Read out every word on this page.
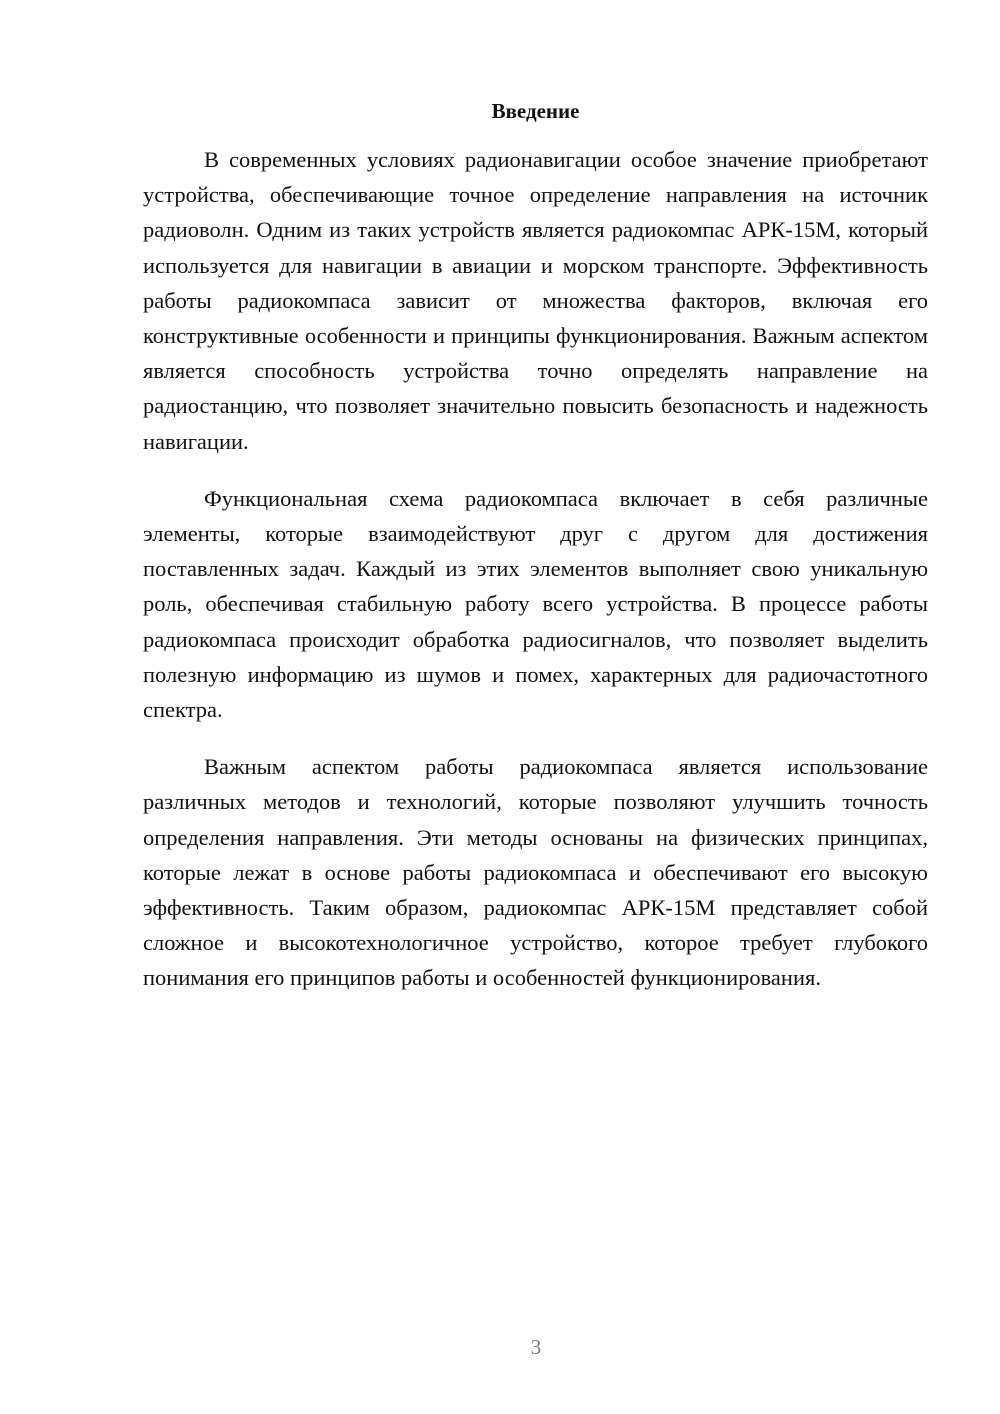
Введение

В современных условиях радионавигации особое значение приобретают устройства, обеспечивающие точное определение направления на источник радиоволн. Одним из таких устройств является радиокомпас АРК-15М, который используется для навигации в авиации и морском транспорте. Эффективность работы радиокомпаса зависит от множества факторов, включая его конструктивные особенности и принципы функционирования. Важным аспектом является способность устройства точно определять направление на радиостанцию, что позволяет значительно повысить безопасность и надежность навигации.

Функциональная схема радиокомпаса включает в себя различные элементы, которые взаимодействуют друг с другом для достижения поставленных задач. Каждый из этих элементов выполняет свою уникальную роль, обеспечивая стабильную работу всего устройства. В процессе работы радиокомпаса происходит обработка радиосигналов, что позволяет выделить полезную информацию из шумов и помех, характерных для радиочастотного спектра.

Важным аспектом работы радиокомпаса является использование различных методов и технологий, которые позволяют улучшить точность определения направления. Эти методы основаны на физических принципах, которые лежат в основе работы радиокомпаса и обеспечивают его высокую эффективность. Таким образом, радиокомпас АРК-15М представляет собой сложное и высокотехнологичное устройство, которое требует глубокого понимания его принципов работы и особенностей функционирования.

3
